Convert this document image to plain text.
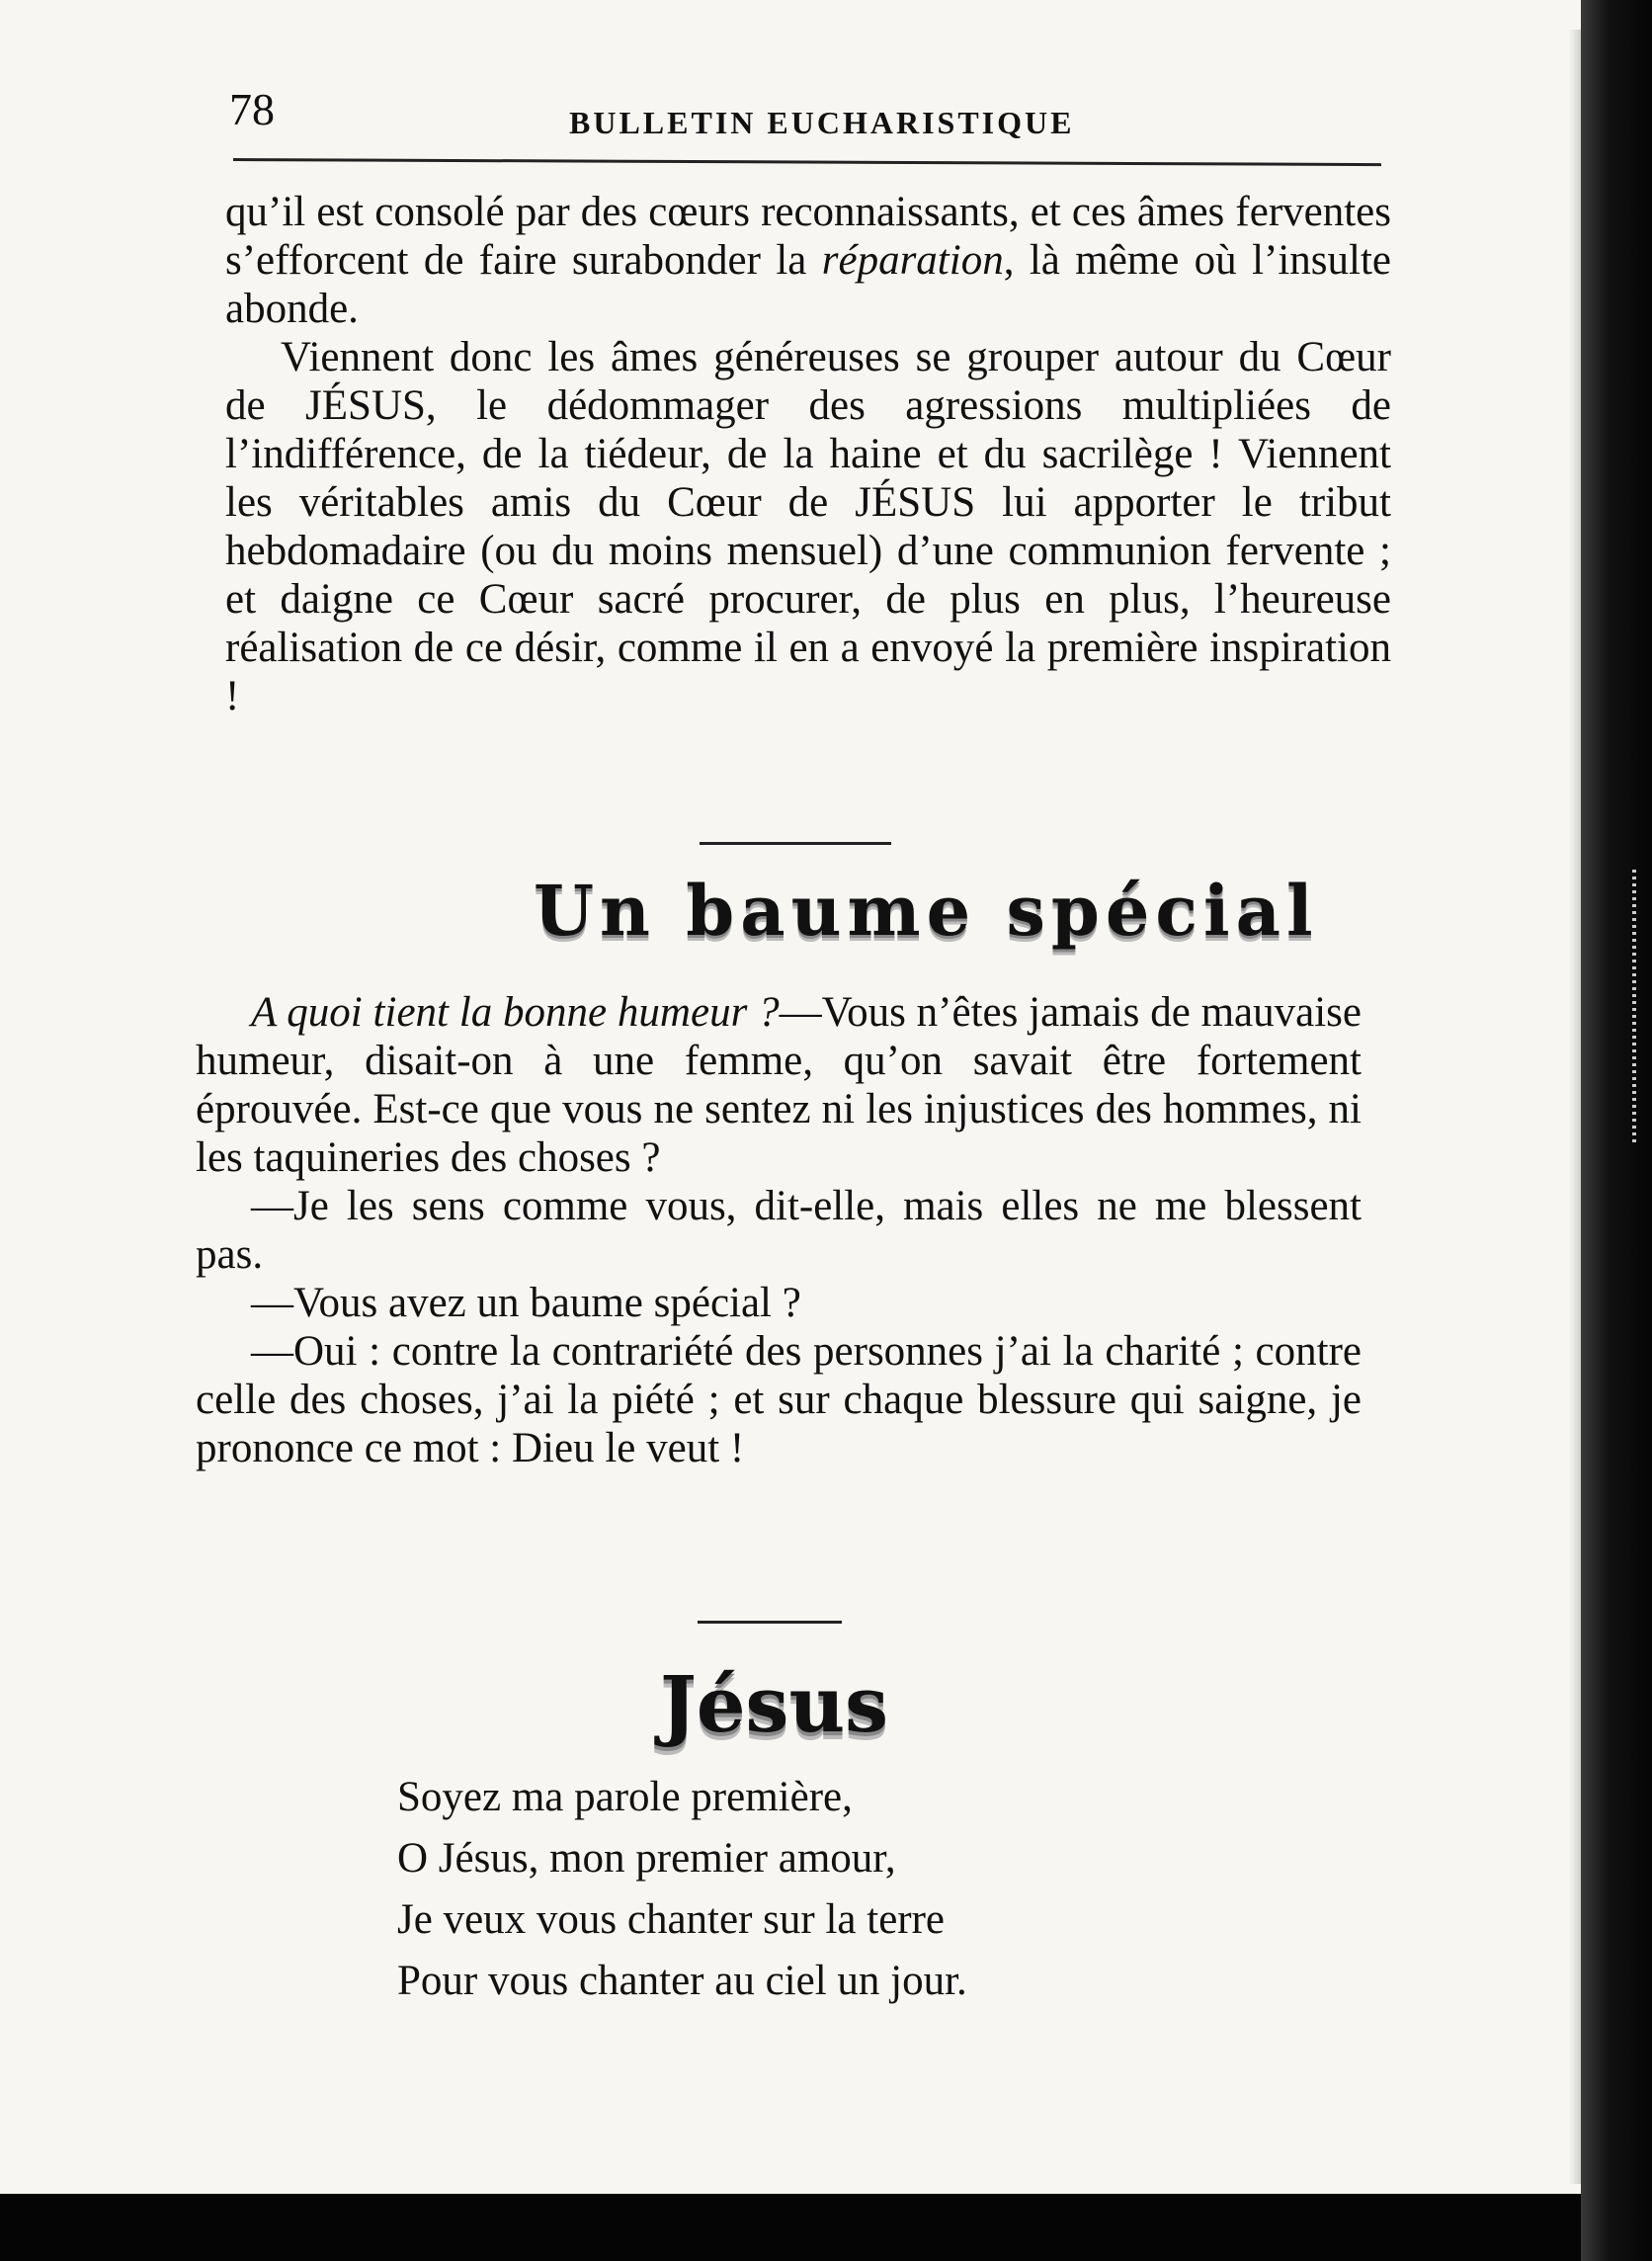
78	BULLETIN EUCHARISTIQUE

qu’il est consolé par des cœurs reconnaissants, et ces âmes ferventes s’efforcent de faire surabonder la réparation, là même où l’insulte abonde.

Viennent donc les âmes généreuses se grouper autour du Cœur de JÉSUS, le dédommager des agressions multipliées de l’indifférence, de la tiédeur, de la haine et du sacrilège ! Viennent les véritables amis du Cœur de JÉSUS lui apporter le tribut hebdomadaire (ou du moins mensuel) d’une communion fervente ; et daigne ce Cœur sacré procurer, de plus en plus, l’heureuse réalisation de ce désir, comme il en a envoyé la première inspiration !

Un baume spécial

A quoi tient la bonne humeur ?—Vous n’êtes jamais de mauvaise humeur, disait-on à une femme, qu’on savait être fortement éprouvée. Est-ce que vous ne sentez ni les injustices des hommes, ni les taquineries des choses ?

—Je les sens comme vous, dit-elle, mais elles ne me blessent pas.

—Vous avez un baume spécial ?

—Oui : contre la contrariété des personnes j’ai la charité ; contre celle des choses, j’ai la piété ; et sur chaque blessure qui saigne, je prononce ce mot : Dieu le veut !

Jésus
Soyez ma parole première,
O Jésus, mon premier amour,
Je veux vous chanter sur la terre
Pour vous chanter au ciel un jour.
